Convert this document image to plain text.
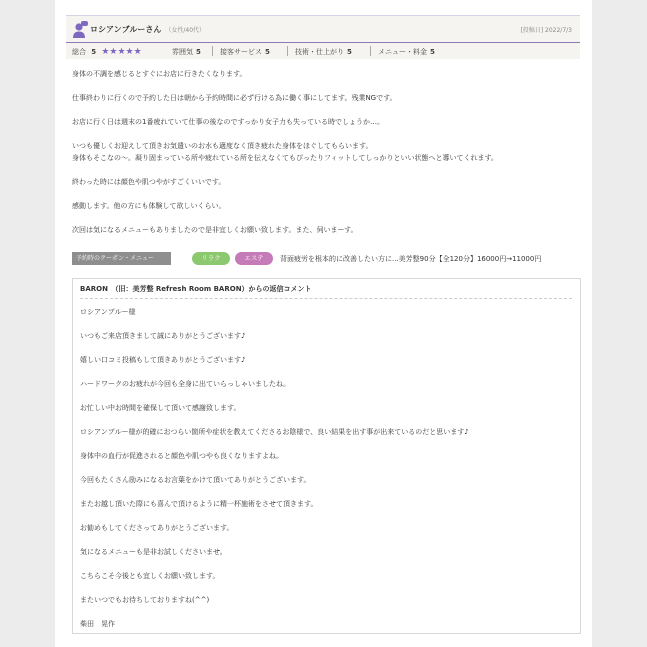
ロシアンブルーさん （女性/40代）	[投稿日] 2022/7/3
総合 5 ★★★★★	雰囲気 5	接客サービス 5	技術・仕上がり 5	メニュー・料金 5
身体の不調を感じるとすぐにお店に行きたくなります。
仕事終わりに行くので予約した日は朝から予約時間に必ず行ける為に働く事にしてます。残業NGです。
お店に行く日は週末の1番疲れていて仕事の後なのですっかり女子力も失っている時でしょうか…。
いつも優しくお迎えして頂きお気遣いのお水も適度なく頂き疲れた身体をほぐしてもらいます。
身体もそこなの～。凝り固まっている所や疲れている所を伝えなくてもぴったりフィットしてしっかりといい状態へと導いてくれます。
終わった時には顔色や肌つやがすごくいいです。
感動します。他の方にも体験して欲しいくらい。
次回は気になるメニューもありましたので是非宜しくお願い致します。また、伺いまーす。
予約時のクーポン・メニュー	リラク	エステ	背面疲労を根本的に改善したい方に...美芳整90分【全120分】16000円→11000円
BARON　（旧：美芳整 Refresh Room BARON）からの返信コメント
ロシアンブルー様
いつもご来店頂きまして誠にありがとうございます♪
嬉しい口コミ投稿もして頂きありがとうございます♪
ハードワークのお疲れが今回も全身に出ていらっしゃいましたね。
お忙しい中お時間を確保して頂いて感謝致します。
ロシアンブルー様が的確におつらい箇所や症状を教えてくださるお陰様で、良い結果を出す事が出来ているのだと思います♪
身体中の血行が促進されると顔色や肌つやも良くなりますよね。
今回もたくさん励みになるお言葉をかけて頂いてありがとうございます。
またお越し頂いた際にも喜んで頂けるように精一杯施術をさせて頂きます。
お勧めもしてくださってありがとうございます。
気になるメニューも是非お試しくださいませ。
こちらこそ今後とも宜しくお願い致します。
またいつでもお待ちしておりますね(^^)
柴田　晃作
